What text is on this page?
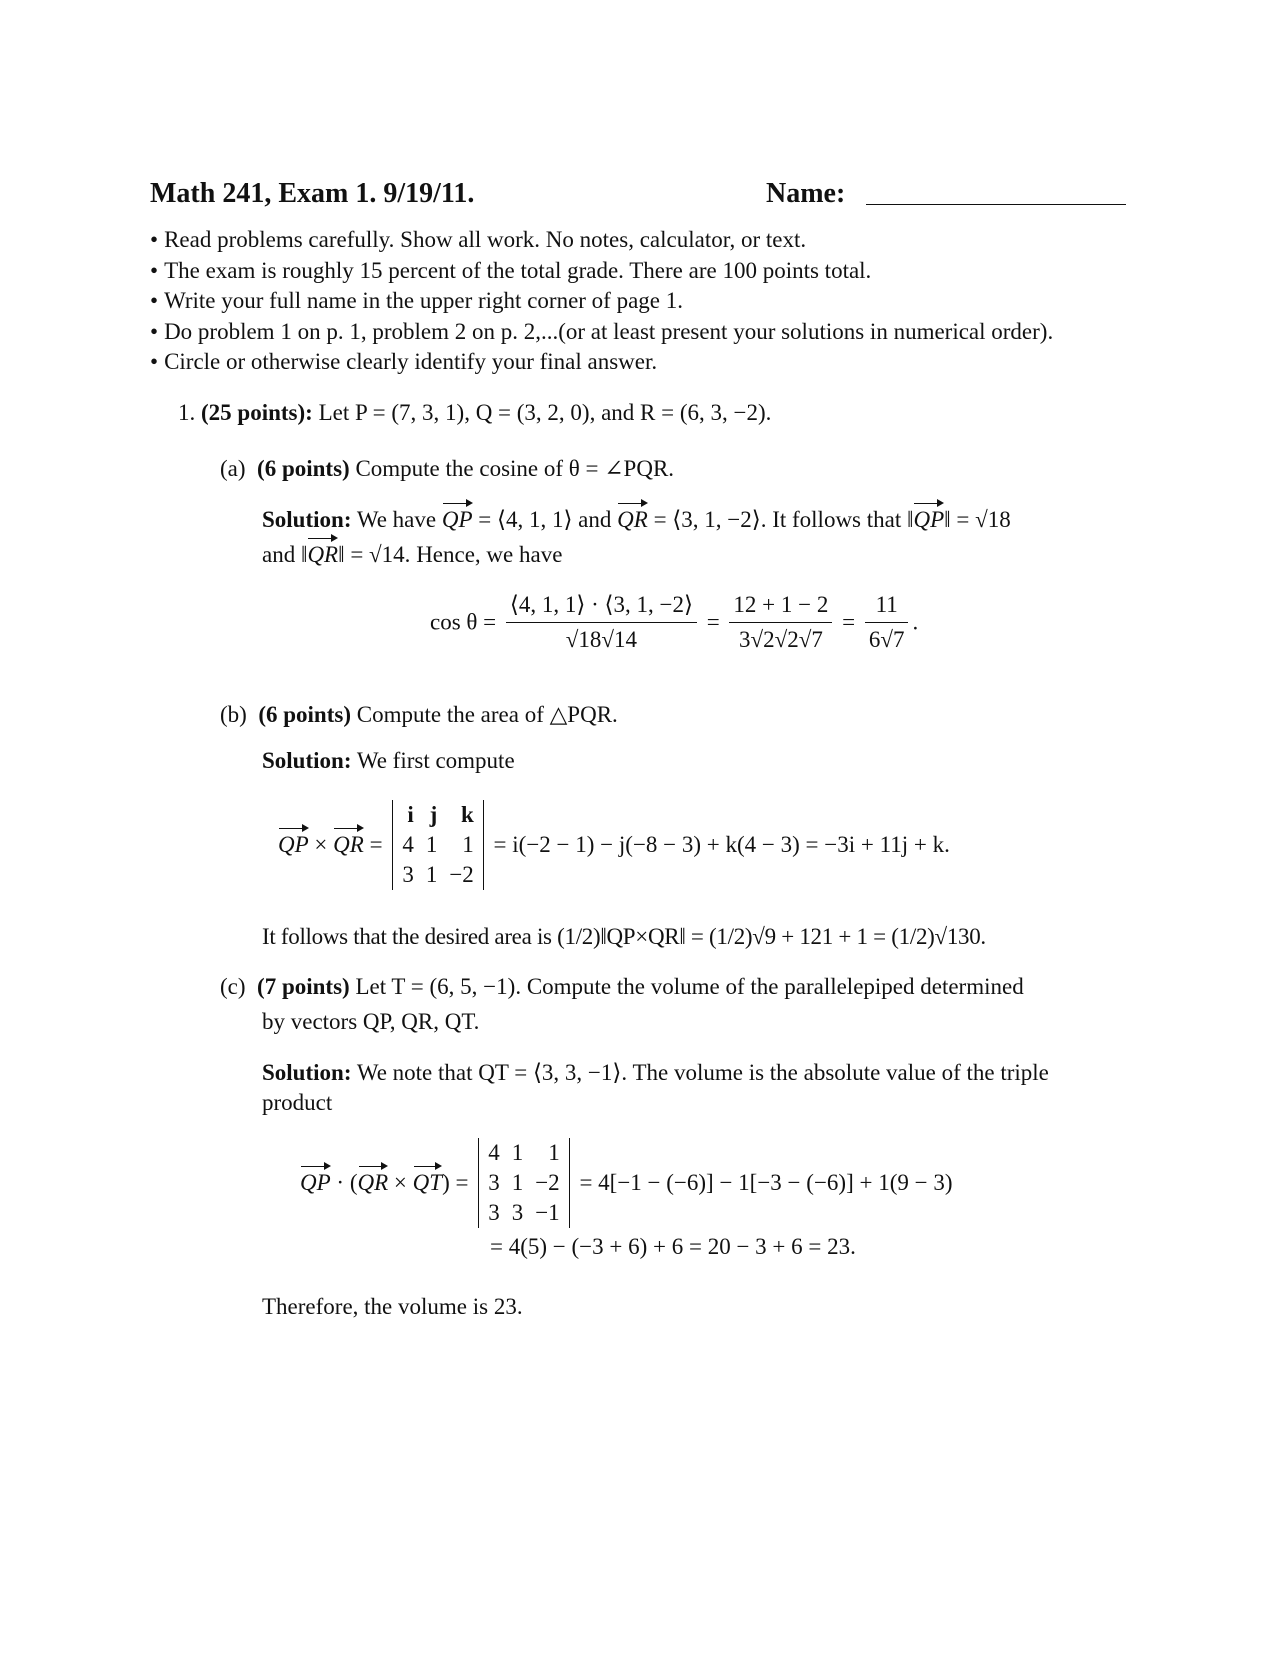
Math 241, Exam 1. 9/19/11.	Name:
• Read problems carefully. Show all work. No notes, calculator, or text.
• The exam is roughly 15 percent of the total grade. There are 100 points total.
• Write your full name in the upper right corner of page 1.
• Do problem 1 on p. 1, problem 2 on p. 2,...(or at least present your solutions in numerical order).
• Circle or otherwise clearly identify your final answer.
1. (25 points): Let P = (7, 3, 1), Q = (3, 2, 0), and R = (6, 3, −2).
(a) (6 points) Compute the cosine of θ = ∠PQR.
Solution: We have QP = ⟨4, 1, 1⟩ and QR = ⟨3, 1, −2⟩. It follows that ‖QP‖ = √18
and ‖QR‖ = √14. Hence, we have
$\cos \theta = \frac{⟨4, 1, 1⟩ \cdot ⟨3, 1, -2⟩}{√18√14} = \frac{12 + 1 - 2}{3√2√2√7} = \frac{11}{6√7}$ .
(b) (6 points) Compute the area of △PQR.
Solution: We first compute
QP × QR =
i	j	k
4	1	1
3	1	−2
= i(−2 − 1) − j(−8 − 3) + k(4 − 3) = −3i + 11j + k.
It follows that the desired area is (1/2)‖QP×QR‖ = (1/2)√9 + 121 + 1 = (1/2)√130.
(c) (7 points) Let T = (6, 5, −1). Compute the volume of the parallelepiped determined
by vectors QP, QR, QT.
Solution: We note that QT = ⟨3, 3, −1⟩. The volume is the absolute value of the triple
product
QP · (QR × QT) =
4	1	1
3	1	−2
3	3	−1
= 4[−1 − (−6)] − 1[−3 − (−6)] + 1(9 − 3)
= 4(5) − (−3 + 6) + 6 = 20 − 3 + 6 = 23.
Therefore, the volume is 23.
